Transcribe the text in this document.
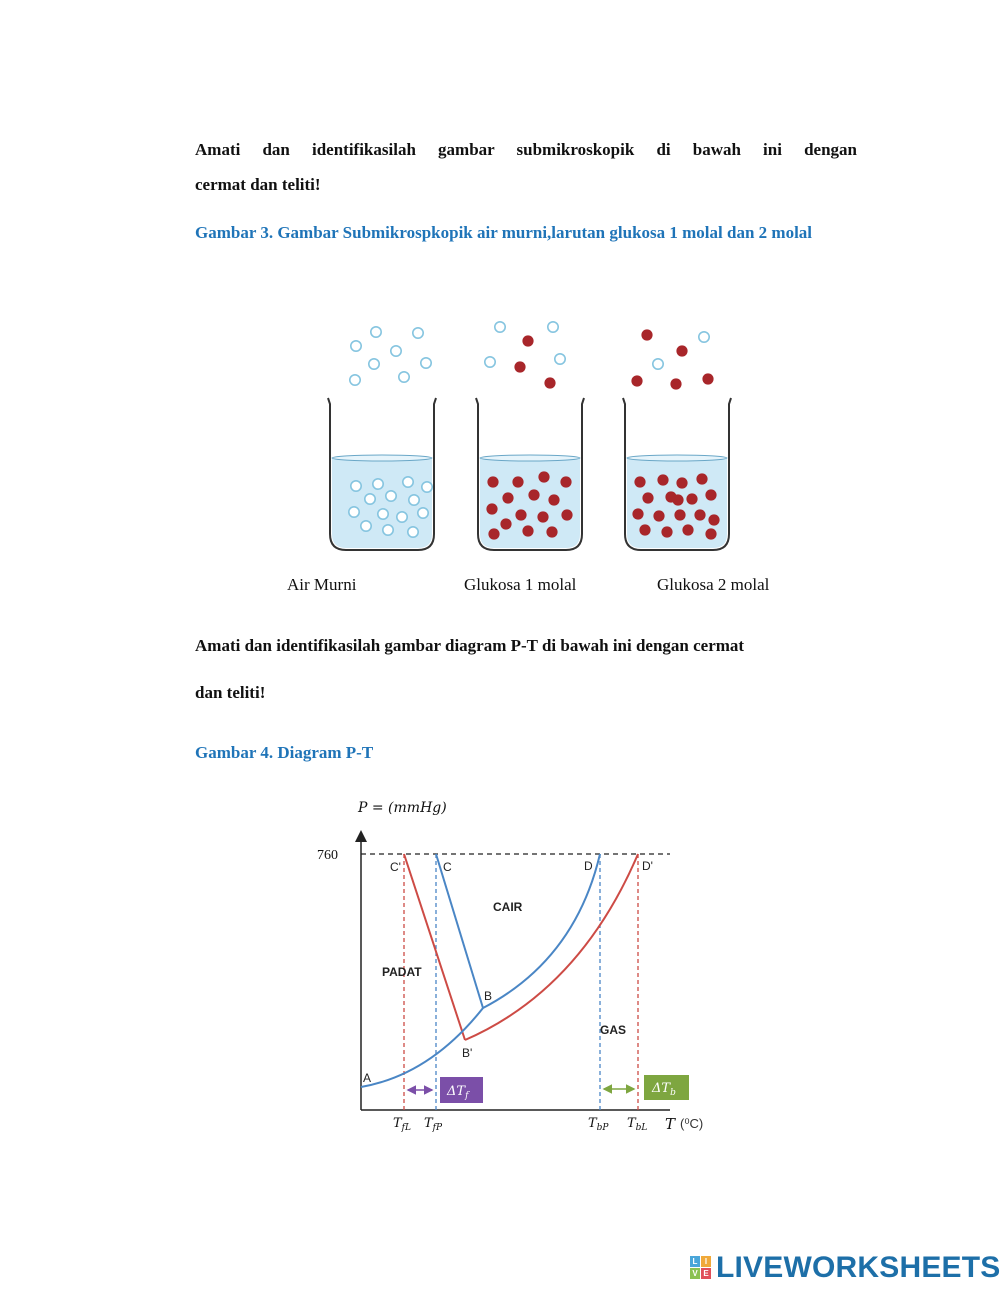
Amati dan identifikasilah gambar submikroskopik di bawah ini dengan
cermat dan teliti!
Gambar 3. Gambar Submikrospkopik air murni,larutan glukosa 1 molal dan 2 molal
Air Murni	Glukosa 1 molal	Glukosa 2 molal
Amati dan identifikasilah gambar diagram P-T di bawah ini dengan cermat
dan teliti!
Gambar 4. Diagram P-T
P = (mmHg)
760
C'	C	D	D'
A
B
B'
CAIR
PADAT
GAS
$\Delta T_f$	$\Delta T_b$
$T_{fL}$ $T_{fP}$	$T_{bP}$ $T_{bL}$ T (⁰C)
L I
V E LIVEWORKSHEETS
